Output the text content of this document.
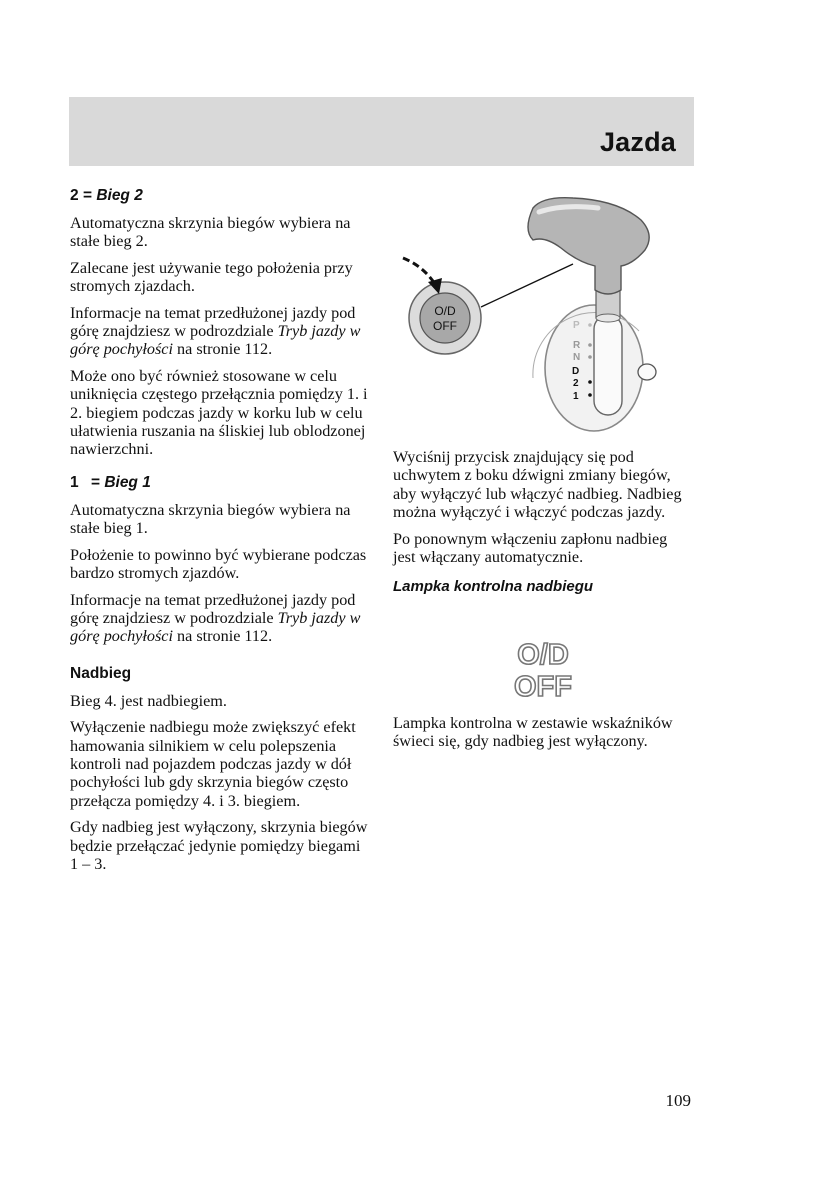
Jazda
2 = Bieg 2

Automatyczna skrzynia biegów wybiera na stałe bieg 2.

Zalecane jest używanie tego położenia przy stromych zjazdach.

Informacje na temat przedłużonej jazdy pod górę znajdziesz w podrozdziale Tryb jazdy w górę pochyłości na stronie 112.

Może ono być również stosowane w celu uniknięcia częstego przełącznia pomiędzy 1. i 2. biegiem podczas jazdy w korku lub w celu ułatwienia ruszania na śliskiej lub oblodzonej nawierzchni.

1 = Bieg 1

Automatyczna skrzynia biegów wybiera na stałe bieg 1.

Położenie to powinno być wybierane podczas bardzo stromych zjazdów.

Informacje na temat przedłużonej jazdy pod górę znajdziesz w podrozdziale Tryb jazdy w górę pochyłości na stronie 112.

Nadbieg

Bieg 4. jest nadbiegiem.

Wyłączenie nadbiegu może zwiększyć efekt hamowania silnikiem w celu polepszenia kontroli nad pojazdem podczas jazdy w dół pochyłości lub gdy skrzynia biegów często przełącza pomiędzy 4. i 3. biegiem.

Gdy nadbieg jest wyłączony, skrzynia biegów będzie przełączać jedynie pomiędzy biegami 1 – 3.

P
R
N
D
2
1
O/D
OFF

Wyciśnij przycisk znajdujący się pod uchwytem z boku dźwigni zmiany biegów, aby wyłączyć lub włączyć nadbieg. Nadbieg można wyłączyć i włączyć podczas jazdy.

Po ponownym włączeniu zapłonu nadbieg jest włączany automatycznie.

Lampka kontrolna nadbiegu
O/D
OFF

Lampka kontrolna w zestawie wskaźników świeci się, gdy nadbieg jest wyłączony.

109
